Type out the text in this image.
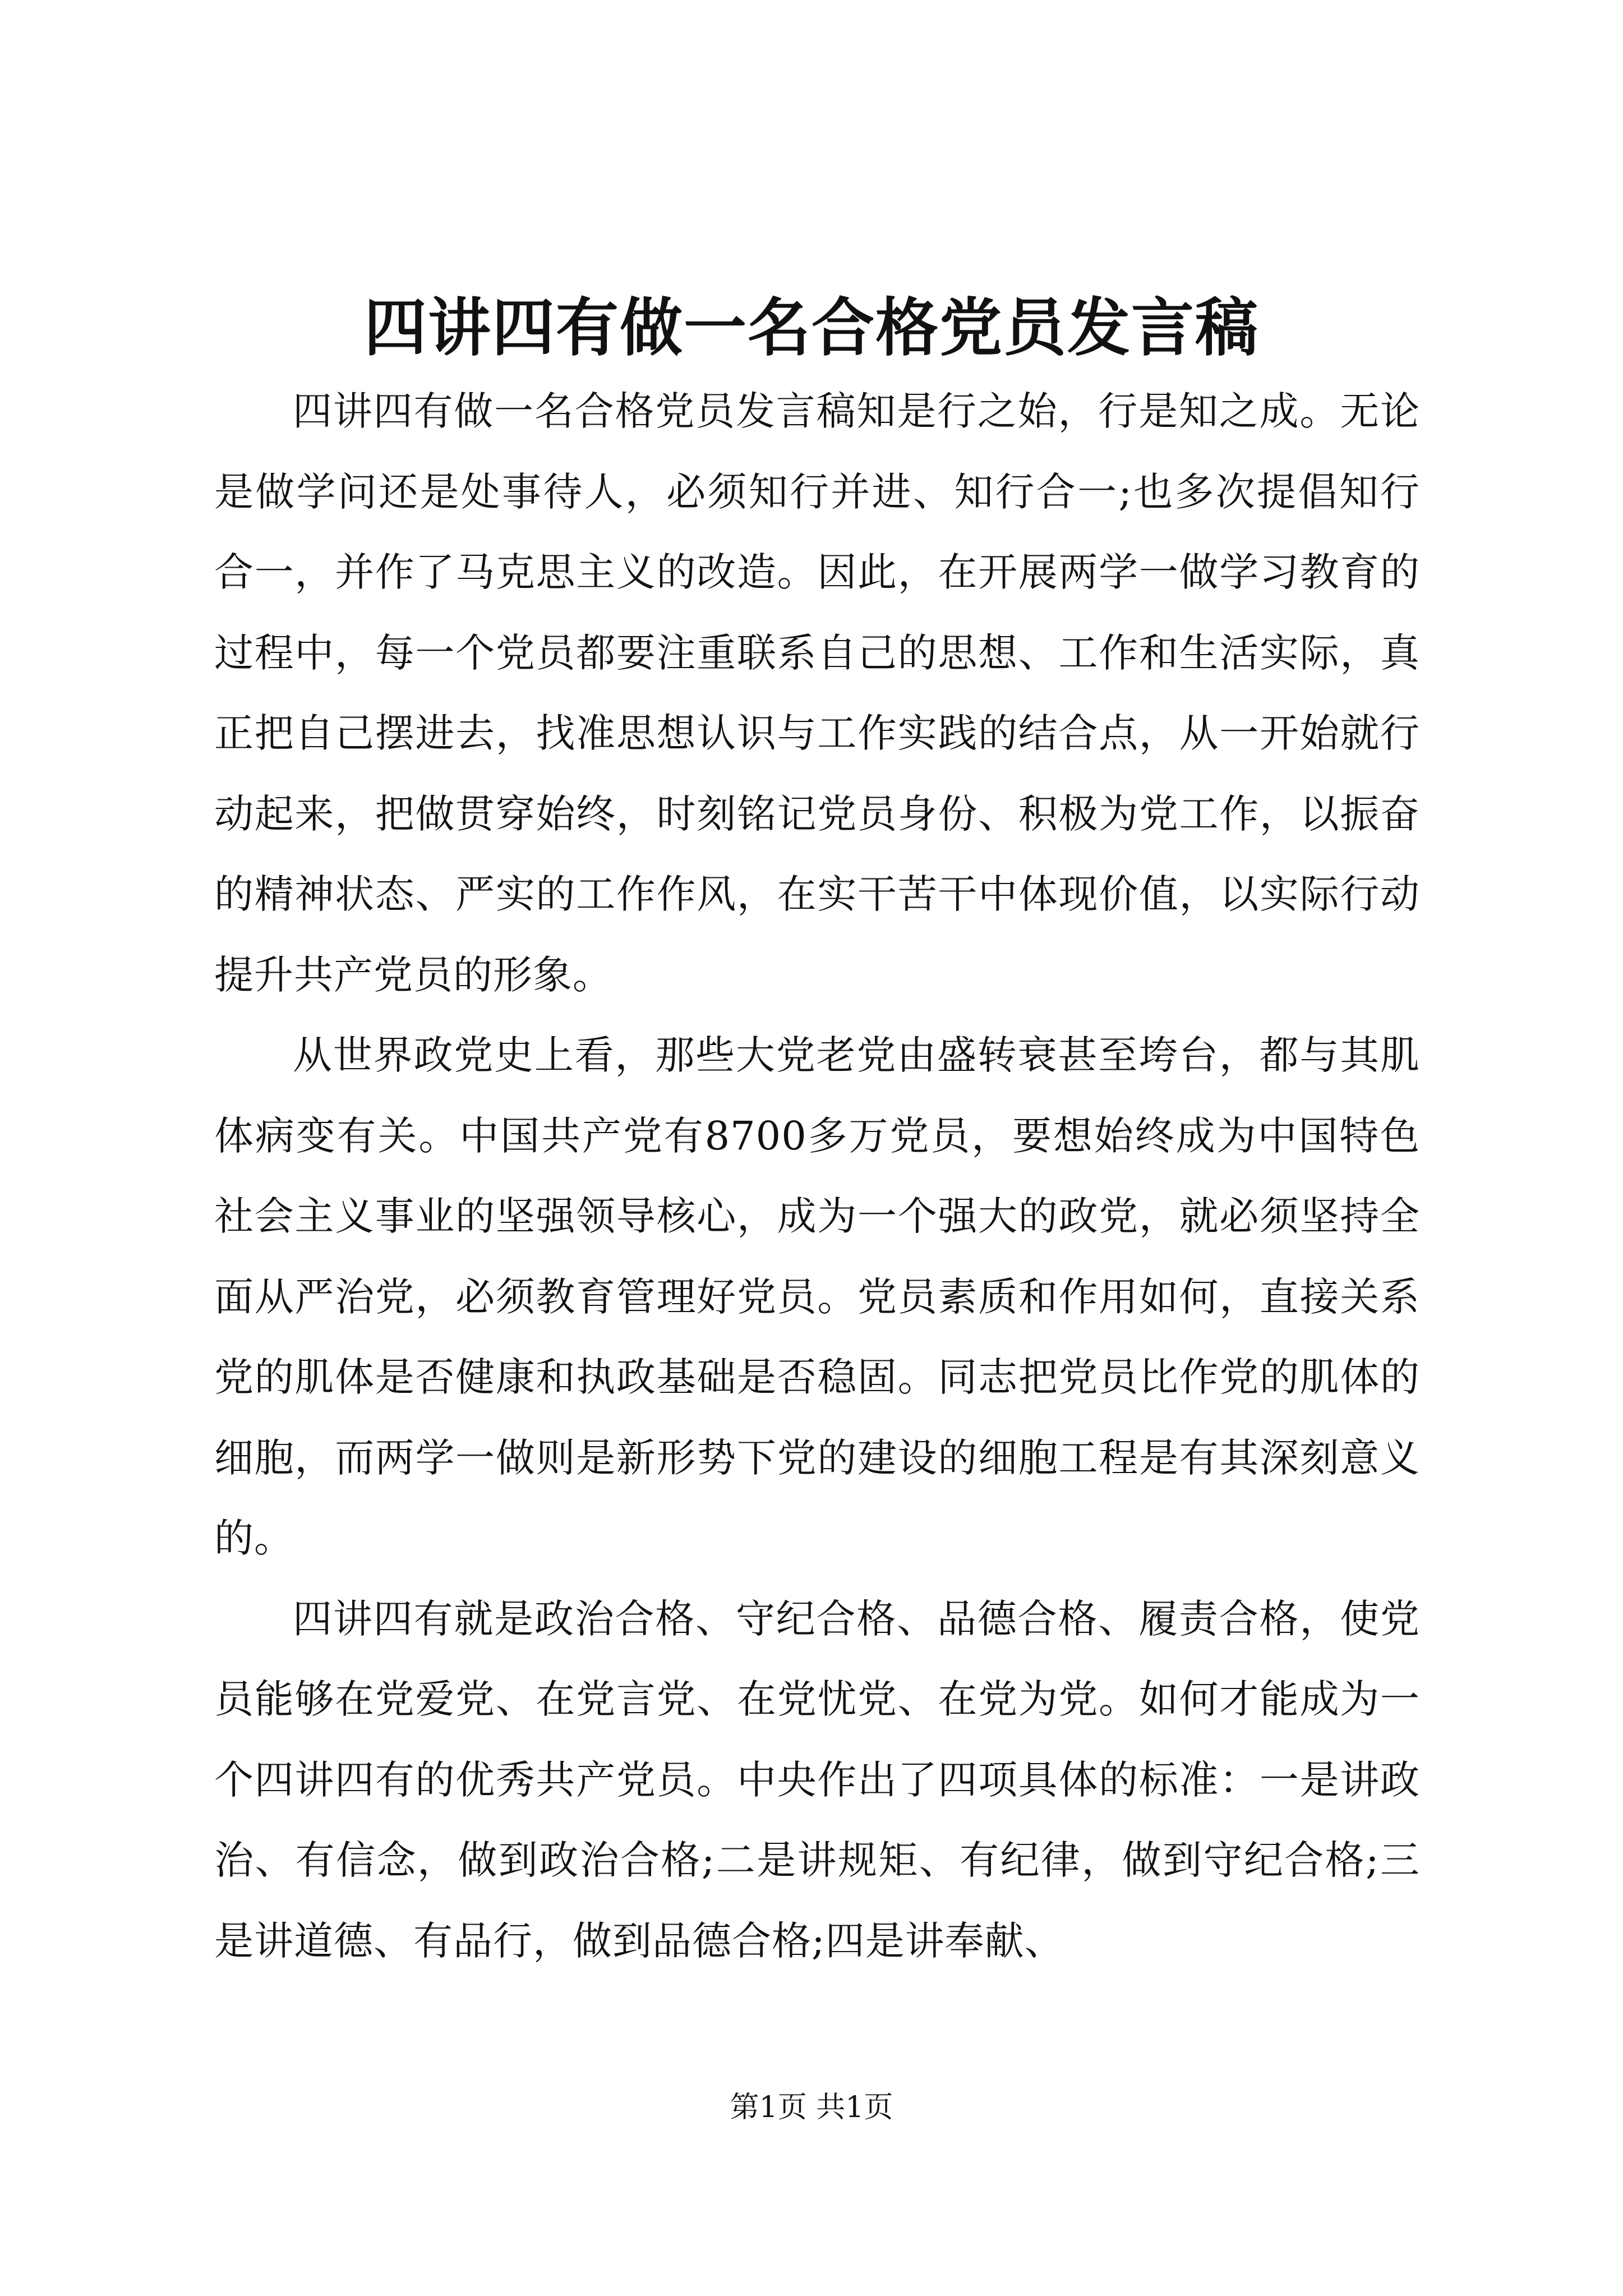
四讲四有做一名合格党员发言稿

四讲四有做一名合格党员发言稿知是行之始，行是知之成。无论是做学问还是处事待人，必须知行并进、知行合一;也多次提倡知行合一，并作了马克思主义的改造。因此，在开展两学一做学习教育的过程中，每一个党员都要注重联系自己的思想、工作和生活实际，真正把自己摆进去，找准思想认识与工作实践的结合点，从一开始就行动起来，把做贯穿始终，时刻铭记党员身份、积极为党工作，以振奋的精神状态、严实的工作作风，在实干苦干中体现价值，以实际行动提升共产党员的形象。

从世界政党史上看，那些大党老党由盛转衰甚至垮台，都与其肌体病变有关。中国共产党有8700多万党员，要想始终成为中国特色社会主义事业的坚强领导核心，成为一个强大的政党，就必须坚持全面从严治党，必须教育管理好党员。党员素质和作用如何，直接关系党的肌体是否健康和执政基础是否稳固。同志把党员比作党的肌体的细胞，而两学一做则是新形势下党的建设的细胞工程是有其深刻意义的。

四讲四有就是政治合格、守纪合格、品德合格、履责合格，使党员能够在党爱党、在党言党、在党忧党、在党为党。如何才能成为一个四讲四有的优秀共产党员。中央作出了四项具体的标准：一是讲政治、有信念，做到政治合格;二是讲规矩、有纪律，做到守纪合格;三是讲道德、有品行，做到品德合格;四是讲奉献、

第1页 共1页
